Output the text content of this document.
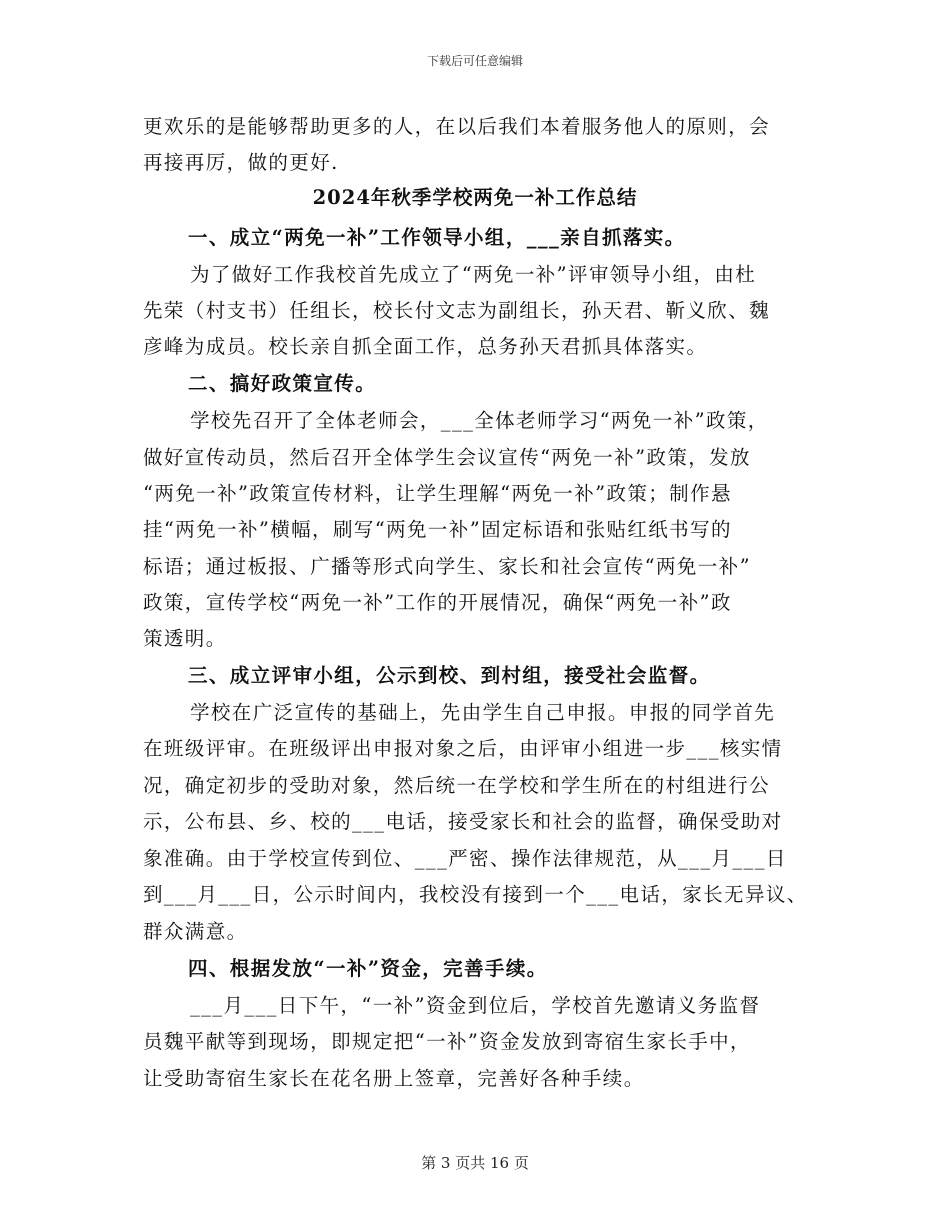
下载后可任意编辑

更欢乐的是能够帮助更多的人，在以后我们本着服务他人的原则，会

再接再厉，做的更好.

2024年秋季学校两免一补工作总结

一、成立“两免一补”工作领导小组，___亲自抓落实。

为了做好工作我校首先成立了“两免一补”评审领导小组，由杜

先荣（村支书）任组长，校长付文志为副组长，孙天君、靳义欣、魏

彦峰为成员。校长亲自抓全面工作，总务孙天君抓具体落实。

二、搞好政策宣传。

学校先召开了全体老师会，___全体老师学习“两免一补”政策，

做好宣传动员，然后召开全体学生会议宣传“两免一补”政策，发放

“两免一补”政策宣传材料，让学生理解“两免一补”政策；制作悬

挂“两免一补”横幅，刷写“两免一补”固定标语和张贴红纸书写的

标语；通过板报、广播等形式向学生、家长和社会宣传“两免一补”

政策，宣传学校“两免一补”工作的开展情况，确保“两免一补”政

策透明。

三、成立评审小组，公示到校、到村组，接受社会监督。

学校在广泛宣传的基础上，先由学生自己申报。申报的同学首先

在班级评审。在班级评出申报对象之后，由评审小组进一步___核实情

况，确定初步的受助对象，然后统一在学校和学生所在的村组进行公

示，公布县、乡、校的___电话，接受家长和社会的监督，确保受助对

象准确。由于学校宣传到位、___严密、操作法律规范，从___月___日

到___月___日，公示时间内，我校没有接到一个___电话，家长无异议、

群众满意。

四、根据发放“一补”资金，完善手续。

___月___日下午，“一补”资金到位后，学校首先邀请义务监督

员魏平献等到现场，即规定把“一补”资金发放到寄宿生家长手中，

让受助寄宿生家长在花名册上签章，完善好各种手续。

第 3 页共 16 页
